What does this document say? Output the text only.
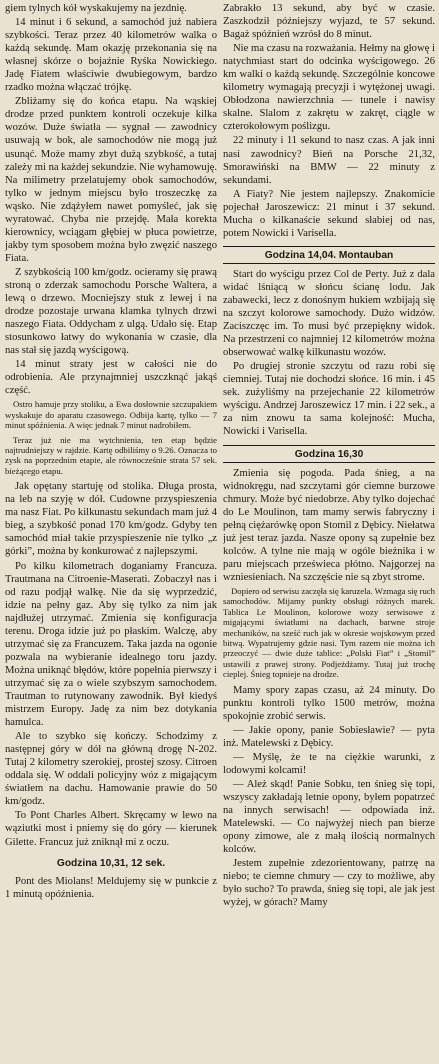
giem tylnych kół wyskakujemy na jezdnię.

14 minut i 6 sekund, a samochód już nabiera szybkości. Teraz przez 40 kilometrów walka o każdą sekundę. Mam okazję przekonania się na własnej skórze o bojaźnie Ryśka Nowickiego. Jadę Fiatem właściwie dwubiegowym, bardzo rzadko można włączać trójkę.

Zbliżamy się do końca etapu. Na wąskiej drodze przed punktem kontroli oczekuje kilka wozów. Duże światła — sygnał — zawodnicy usuwają w bok, ale samochodów nie mogą już usunąć. Może mamy zbyt dużą szybkość, a tutaj zależy mi na każdej sekundzie. Nie wyhamowuję. Na milimetry przelatujemy obok samochodów, tylko w jednym miejscu było troszeczkę za wąsko. Nie zdążyłem nawet pomyśleć, jak się wyratować. Chyba nie przejdę. Mała korekta kierownicy, wciągam głębiej w płuca powietrze, jakby tym sposobem można było zwęzić naszego Fiata.

Z szybkością 100 km/godz. ocieramy się prawą stroną o zderzak samochodu Porsche Waltera, a lewą o drzewo. Mocniejszy stuk z lewej i na drodze pozostaje urwana klamka tylnych drzwi naszego Fiata. Oddycham z ulgą. Udało się. Etap stosunkowo łatwy do wykonania w czasie, dla nas stał się jazdą wyścigową.

14 minut straty jest w całości nie do odrobienia. Ale przynajmniej uszczknąć jakąś część.

Ostro hamuje przy stoliku, a Ewa dosłownie szczupakiem wyskakuje do aparatu czasowego. Odbija kartę, tylko — 7 minut spóźnienia. A więc jednak 7 minut nadrobiłem.

Teraz już nie ma wytchnienia, ten etap będzie najtrudniejszy w rajdzie. Kartę odbiliśmy o 9.26. Oznacza to zysk na poprzednim etapie, ale równocześnie strata 57 sek. bieżącego etapu.

Jak opętany startuję od stolika. Długa prosta, na leb na szyję w dół. Cudowne przyspieszenia ma nasz Fiat. Po kilkunastu sekundach mam już 4 bieg, a szybkość ponad 170 km/godz. Gdyby ten samochód miał takie przyspieszenie nie tylko „z górki”, można by konkurować z najlepszymi.

Po kilku kilometrach doganiamy Francuza. Trautmana na Citroenie-Maserati. Zobaczył nas i od razu podjął walkę. Nie da się wyprzedzić, idzie na pełny gaz. Aby się tylko za nim jak najdłużej utrzymać. Zmienia się konfiguracja terenu. Droga idzie już po płaskim. Walczę, aby utrzymać się za Francuzem. Taka jazda na ogonie pozwala na wybieranie idealnego toru jazdy. Można uniknąć błędów, które popełnia pierwszy i utrzymać się za o wiele szybszym samochodem. Trautman to rutynowany zawodnik. Był kiedyś mistrzem Europy. Jadę za nim bez dotykania hamulca.

Ale to szybko się kończy. Schodzimy z następnej góry w dół na główną drogę N-202. Tutaj 2 kilometry szerokiej, prostej szosy. Citroen oddala się. W oddali policyjny wóz z migającym światłem na dachu. Hamowanie prawie do 50 km/godz.

To Pont Charles Albert. Skręcamy w lewo na wąziutki most i pniemy się do góry — kierunek Gilette. Francuz już zniknął mi z oczu.

Godzina 10,31, 12 sek.

Pont des Miolans! Meldujemy się w punkcie z 1 minutą opóźnienia.

Zabrakło 13 sekund, aby być w czasie. Zaszkodził późniejszy wyjazd, te 57 sekund. Bagaż spóźnień wzrósł do 8 minut.

Nie ma czasu na rozważania. Hełmy na głowę i natychmiast start do odcinka wyścigowego. 26 km walki o każdą sekundę. Szczególnie koncowe kilometry wymagają precyzji i wytężonej uwagi. Obłodzona nawierzchnia — tunele i nawisy skalne. Slalom z zakrętu w zakręt, ciągle w czterokołowym poślizgu.

22 minuty i 11 sekund to nasz czas. A jak inni nasi zawodnicy? Bień na Porsche 21,32, Smorawiński na BMW — 22 minuty z sekundami.

A Fiaty? Nie jestem najlepszy. Znakomicie pojechał Jaroszewicz: 21 minut i 37 sekund. Mucha o kilkanaście sekund słabiej od nas, potem Nowicki i Varisella.

Godzina 14,04. Montauban

Start do wyścigu przez Col de Perty. Już z dala widać lśniącą w słońcu ścianę lodu. Jak zabawecki, lecz z donośnym hukiem wzbijają się na szczyt kolorowe samochody. Dużo widzów. Zaciszczęc im. To musi być przepiękny widok. Na przestrzeni co najmniej 12 kilometrów można obserwować walkę kilkunastu wozów.

Po drugiej stronie szczytu od razu robi się ciemniej. Tutaj nie dochodzi słońce. 16 min. i 45 sek. zużyliśmy na przejechanie 22 kilometrów wyścigu. Andrzej Jaroszewicz 17 min. i 22 sek., a za nim znowu ta sama kolejność: Mucha, Nowicki i Varisella.

Godzina 16,30

Zmienia się pogoda. Pada śnieg, a na widnokręgu, nad szczytami gór ciemne burzowe chmury. Może być niedobrze. Aby tylko dojechać do Le Moulinon, tam mamy serwis fabryczny i pełną ciężarówkę opon Stomil z Dębicy. Niełatwa już jest teraz jazda. Nasze opony są zupełnie bez kolców. A tylne nie mają w ogóle bieżnika i w paru miejscach prześwieca płótno. Najgorzej na wzniesieniach. Na szczęście nie są zbyt strome.

Dopiero od serwisu zaczęła się karuzela. Wzmaga się ruch samochodów. Mijamy punkty obsługi różnych marek. Tablica Le Moulinon, kolorowe wozy serwisowe z migającymi światłami na dachach, barwne stroje mechaników, na sześć ruch jak w okresie wojskowym przed bitwą. Wypatrujemy gdzie nasi. Tym razem nie można ich przeoczyć — dwie duże tablice: „Polski Fiat” i „Stomil” ustawili z prawej strony. Podjeżdżamy. Tutaj już trochę cieplej. Śnieg topnieje na drodze.

Mamy spory zapas czasu, aż 24 minuty. Do punktu kontroli tylko 1500 metrów, można spokojnie zrobić serwis.

— Jakie opony, panie Sobiesławie? — pyta inż. Matelewski z Dębicy.

— Myślę, że te na ciężkie warunki, z lodowymi kolcami!

— Ależ skąd! Panie Sobku, ten śnieg się topi, wszyscy zakładają letnie opony, byłem popatrzeć na innych serwisach! — odpowiada inż. Matelewski. — Co najwyżej niech pan bierze opony zimowe, ale z małą ilością normalnych kolców.

Jestem zupełnie zdezorientowany, patrzę na niebo; te ciemne chmury — czy to możliwe, aby było sucho? To prawda, śnieg się topi, ale jak jest wyżej, w górach? Mamy
